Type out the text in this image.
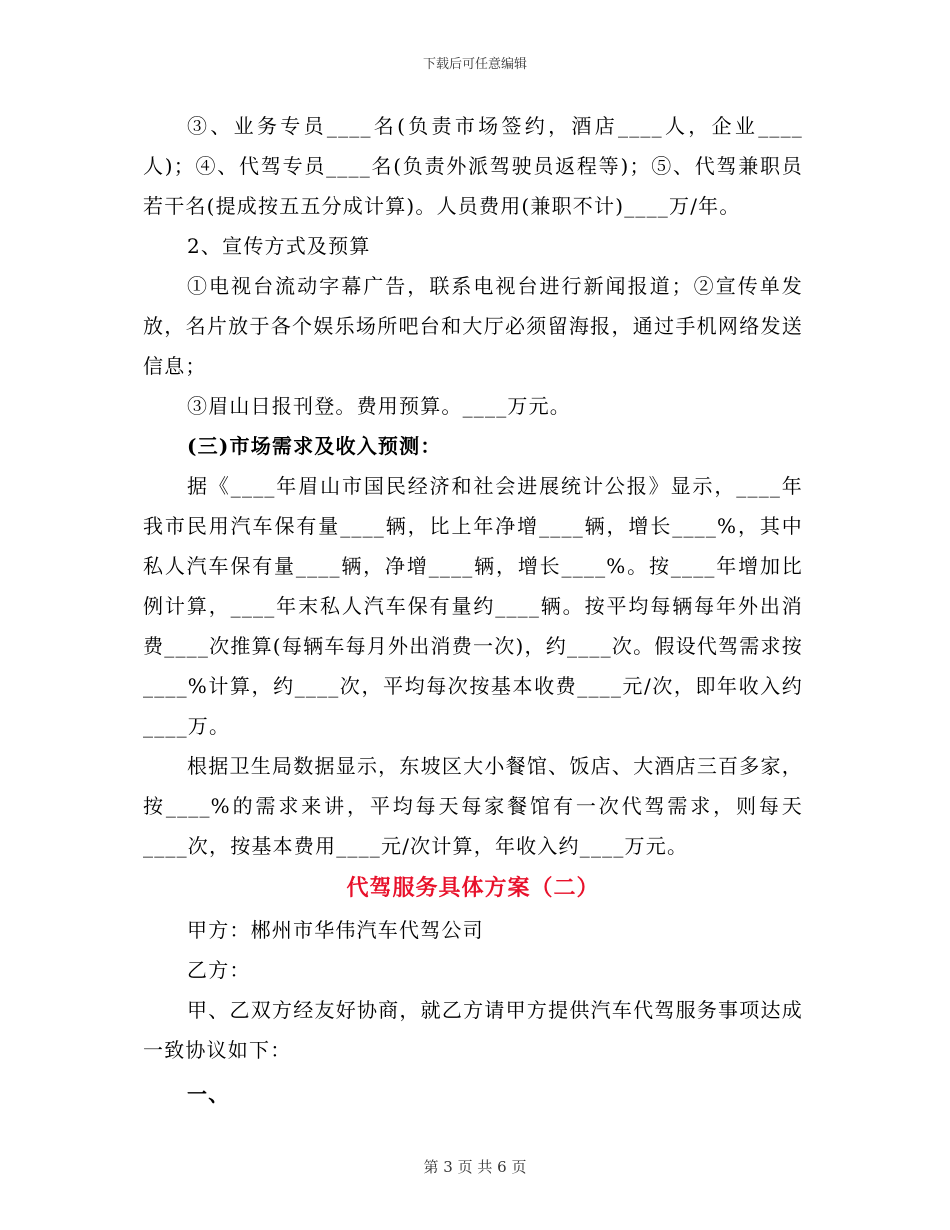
下载后可任意编辑

③、业务专员____名(负责市场签约，酒店____人，企业____人)；④、代驾专员____名(负责外派驾驶员返程等)；⑤、代驾兼职员若干名(提成按五五分成计算)。人员费用(兼职不计)____万/年。

2、宣传方式及预算

①电视台流动字幕广告，联系电视台进行新闻报道；②宣传单发放，名片放于各个娱乐场所吧台和大厅必须留海报，通过手机网络发送信息；

③眉山日报刊登。费用预算。____万元。

(三)市场需求及收入预测：

据《____年眉山市国民经济和社会进展统计公报》显示，____年我市民用汽车保有量____辆，比上年净增____辆，增长____%，其中私人汽车保有量____辆，净增____辆，增长____%。按____年增加比例计算，____年末私人汽车保有量约____辆。按平均每辆每年外出消费____次推算(每辆车每月外出消费一次)，约____次。假设代驾需求按____%计算，约____次，平均每次按基本收费____元/次，即年收入约____万。

根据卫生局数据显示，东坡区大小餐馆、饭店、大酒店三百多家，按____%的需求来讲，平均每天每家餐馆有一次代驾需求，则每天____次，按基本费用____元/次计算，年收入约____万元。

代驾服务具体方案（二）

甲方：郴州市华伟汽车代驾公司

乙方：

甲、乙双方经友好协商，就乙方请甲方提供汽车代驾服务事项达成一致协议如下：

一、

第 3 页 共 6 页
